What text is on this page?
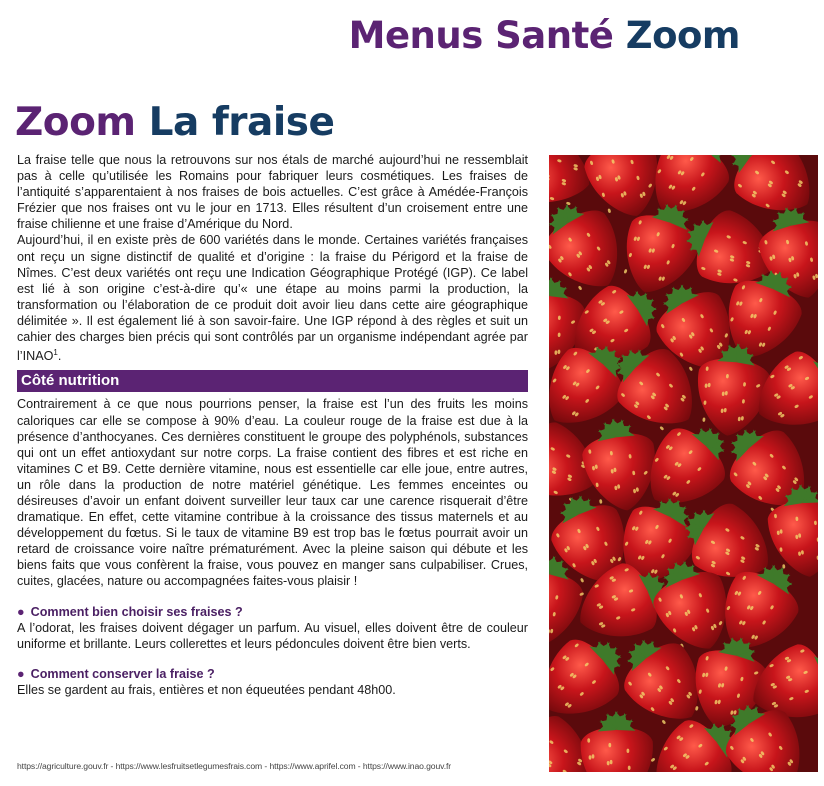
Menus Santé Zoom
Zoom La fraise

La fraise telle que nous la retrouvons sur nos étals de marché aujourd’hui ne ressemblait pas à celle qu’utilisée les Romains pour fabriquer leurs cosmétiques. Les fraises de l’antiquité s’apparentaient à nos fraises de bois actuelles. C’est grâce à Amédée-François Frézier que nos fraises ont vu le jour en 1713. Elles résultent d’un croisement entre une fraise chilienne et une fraise d’Amérique du Nord.

Aujourd’hui, il en existe près de 600 variétés dans le monde. Certaines variétés françaises ont reçu un signe distinctif de qualité et d’origine : la fraise du Périgord et la fraise de Nîmes. C’est deux variétés ont reçu une Indication Géographique Protégé (IGP). Ce label est lié à son origine c’est-à-dire qu’« une étape au moins parmi la production, la transformation ou l’élaboration de ce produit doit avoir lieu dans cette aire géographique délimitée ». Il est également lié à son savoir-faire. Une IGP répond à des règles et suit un cahier des charges bien précis qui sont contrôlés par un organisme indépendant agrée par l’INAO$^1$.

Côté nutrition

Contrairement à ce que nous pourrions penser, la fraise est l’un des fruits les moins caloriques car elle se compose à 90% d’eau. La couleur rouge de la fraise est due à la présence d’anthocyanes. Ces dernières constituent le groupe des polyphénols, substances qui ont un effet antioxydant sur notre corps. La fraise contient des fibres et est riche en vitamines C et B9. Cette dernière vitamine, nous est essentielle car elle joue, entre autres, un rôle dans la production de notre matériel génétique. Les femmes enceintes ou désireuses d’avoir un enfant doivent surveiller leur taux car une carence risquerait d’être dramatique. En effet, cette vitamine contribue à la croissance des tissus maternels et au développement du fœtus. Si le taux de vitamine B9 est trop bas le fœtus pourrait avoir un retard de croissance voire naître prématurément. Avec la pleine saison qui débute et les biens faits que vous confèrent la fraise, vous pouvez en manger sans culpabiliser. Crues, cuites, glacées, nature ou accompagnées faites-vous plaisir !

● Comment bien choisir ses fraises ?

A l’odorat, les fraises doivent dégager un parfum. Au visuel, elles doivent être de couleur uniforme et brillante. Leurs collerettes et leurs pédoncules doivent être bien verts.

● Comment conserver la fraise ?

Elles se gardent au frais, entières et non équeutées pendant 48h00.

https://agriculture.gouv.fr - https://www.lesfruitsetlegumesfrais.com - https://www.aprifel.com - https://www.inao.gouv.fr
